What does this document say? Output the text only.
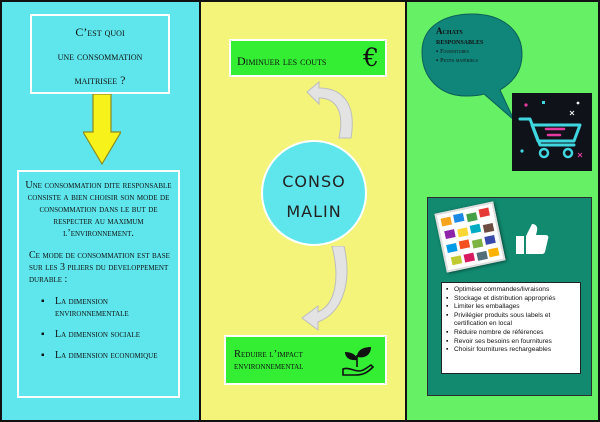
C’est quoi
une consommation
maitrisee ?
Une consommation dite responsable consiste a bien choisir son mode de consommation dans le but de respecter au maximum l’environnement.
Ce mode de consommation est base sur les 3 piliers du developpement durable :
▪ La dimension environnementale
▪ La dimension sociale
▪ La dimension economique
Diminuer les couts €
CONSO
MALIN
Reduire l’impact
environnemental
Achats
responsables
▪ Fournitures
▪ Petits matériels
▪ Optimiser commandes/livraisons
▪ Stockage et distribution appropriés
▪ Limiter les emballages
▪ Privilégier produits sous labels et certification en local
▪ Réduire nombre de références
▪ Revoir ses besoins en fournitures
▪ Choisir fournitures rechargeables
